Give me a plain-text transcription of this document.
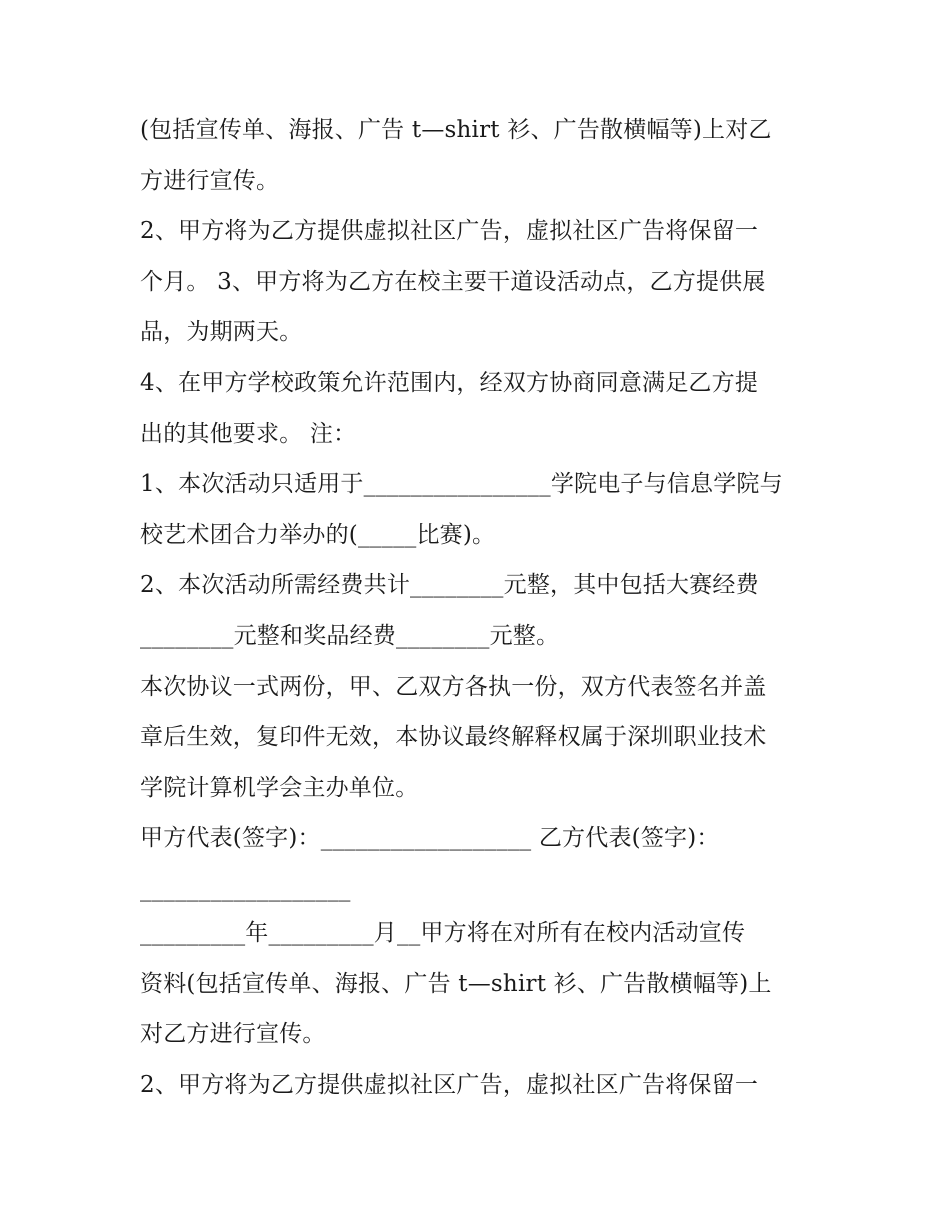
(包括宣传单、海报、广告 t—shirt 衫、广告散横幅等)上对乙
方进行宣传。
2、甲方将为乙方提供虚拟社区广告，虚拟社区广告将保留一
个月。 3、甲方将为乙方在校主要干道设活动点，乙方提供展
品，为期两天。
4、在甲方学校政策允许范围内，经双方协商同意满足乙方提
出的其他要求。 注：
1、本次活动只适用于________________学院电子与信息学院与
校艺术团合力举办的(_____比赛)。
2、本次活动所需经费共计________元整，其中包括大赛经费
________元整和奖品经费________元整。
本次协议一式两份，甲、乙双方各执一份，双方代表签名并盖
章后生效，复印件无效，本协议最终解释权属于深圳职业技术
学院计算机学会主办单位。
甲方代表(签字)：__________________ 乙方代表(签字)：
__________________
_________年_________月__甲方将在对所有在校内活动宣传
资料(包括宣传单、海报、广告 t—shirt 衫、广告散横幅等)上
对乙方进行宣传。
2、甲方将为乙方提供虚拟社区广告，虚拟社区广告将保留一
